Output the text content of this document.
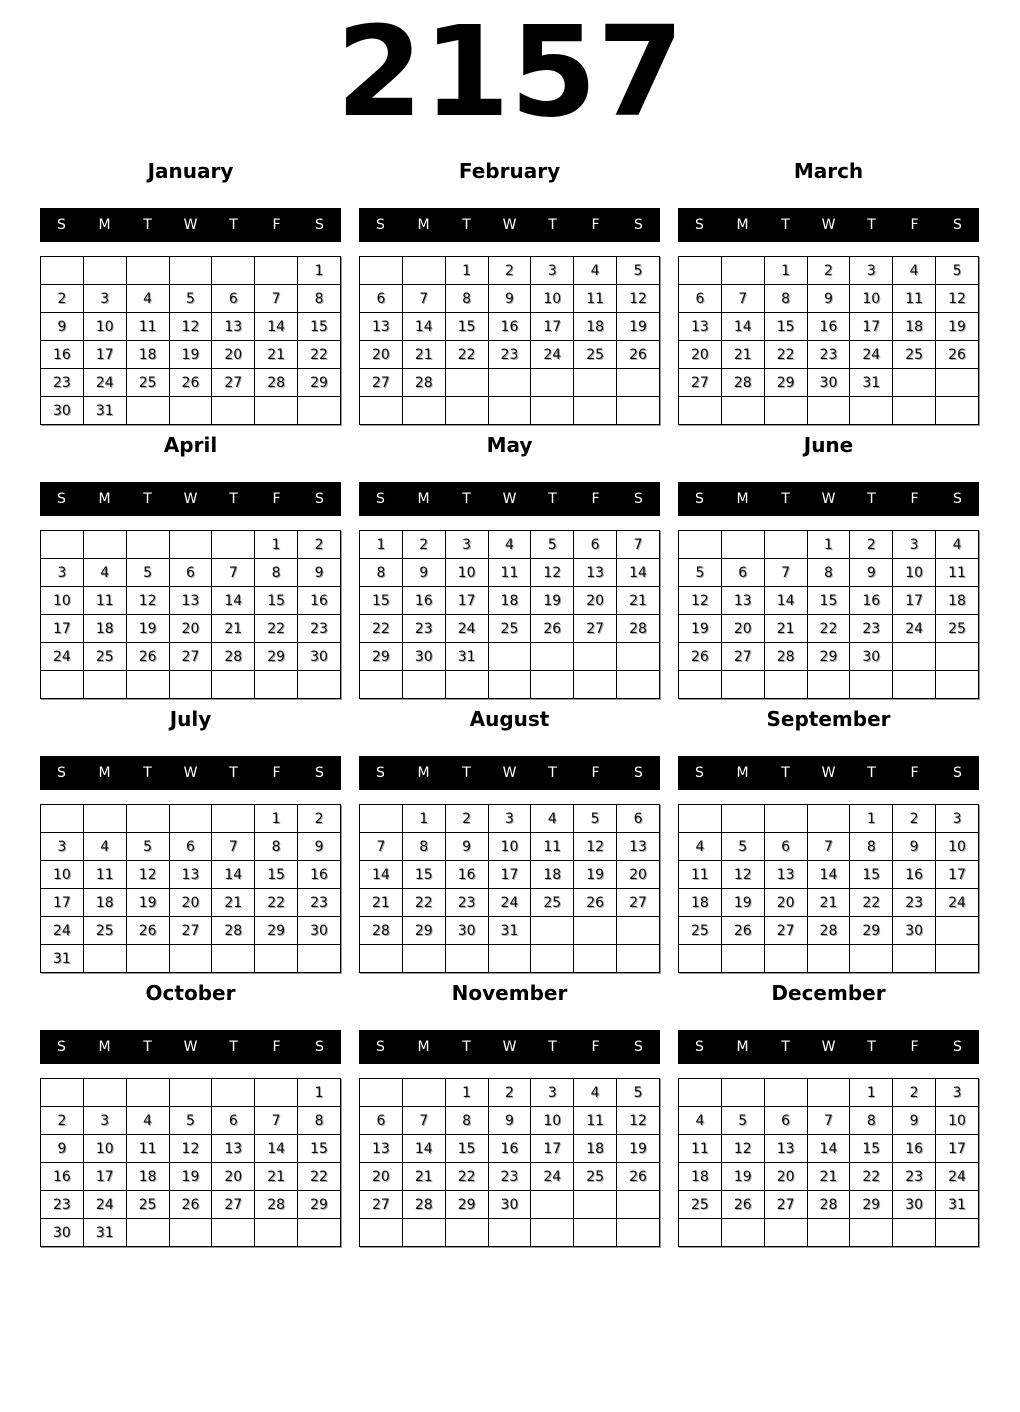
2157
January
S	M	T	W	T	F	S
						1
2	3	4	5	6	7	8
9	10	11	12	13	14	15
16	17	18	19	20	21	22
23	24	25	26	27	28	29
30	31					
February
S	M	T	W	T	F	S
		1	2	3	4	5
6	7	8	9	10	11	12
13	14	15	16	17	18	19
20	21	22	23	24	25	26
27	28					

March
S	M	T	W	T	F	S
		1	2	3	4	5
6	7	8	9	10	11	12
13	14	15	16	17	18	19
20	21	22	23	24	25	26
27	28	29	30	31		

April
S	M	T	W	T	F	S
					1	2
3	4	5	6	7	8	9
10	11	12	13	14	15	16
17	18	19	20	21	22	23
24	25	26	27	28	29	30

May
S	M	T	W	T	F	S
1	2	3	4	5	6	7
8	9	10	11	12	13	14
15	16	17	18	19	20	21
22	23	24	25	26	27	28
29	30	31				

June
S	M	T	W	T	F	S
			1	2	3	4
5	6	7	8	9	10	11
12	13	14	15	16	17	18
19	20	21	22	23	24	25
26	27	28	29	30		

July
S	M	T	W	T	F	S
					1	2
3	4	5	6	7	8	9
10	11	12	13	14	15	16
17	18	19	20	21	22	23
24	25	26	27	28	29	30
31						
August
S	M	T	W	T	F	S
	1	2	3	4	5	6
7	8	9	10	11	12	13
14	15	16	17	18	19	20
21	22	23	24	25	26	27
28	29	30	31			

September
S	M	T	W	T	F	S
				1	2	3
4	5	6	7	8	9	10
11	12	13	14	15	16	17
18	19	20	21	22	23	24
25	26	27	28	29	30	

October
S	M	T	W	T	F	S
						1
2	3	4	5	6	7	8
9	10	11	12	13	14	15
16	17	18	19	20	21	22
23	24	25	26	27	28	29
30	31					
November
S	M	T	W	T	F	S
		1	2	3	4	5
6	7	8	9	10	11	12
13	14	15	16	17	18	19
20	21	22	23	24	25	26
27	28	29	30			

December
S	M	T	W	T	F	S
				1	2	3
4	5	6	7	8	9	10
11	12	13	14	15	16	17
18	19	20	21	22	23	24
25	26	27	28	29	30	31
